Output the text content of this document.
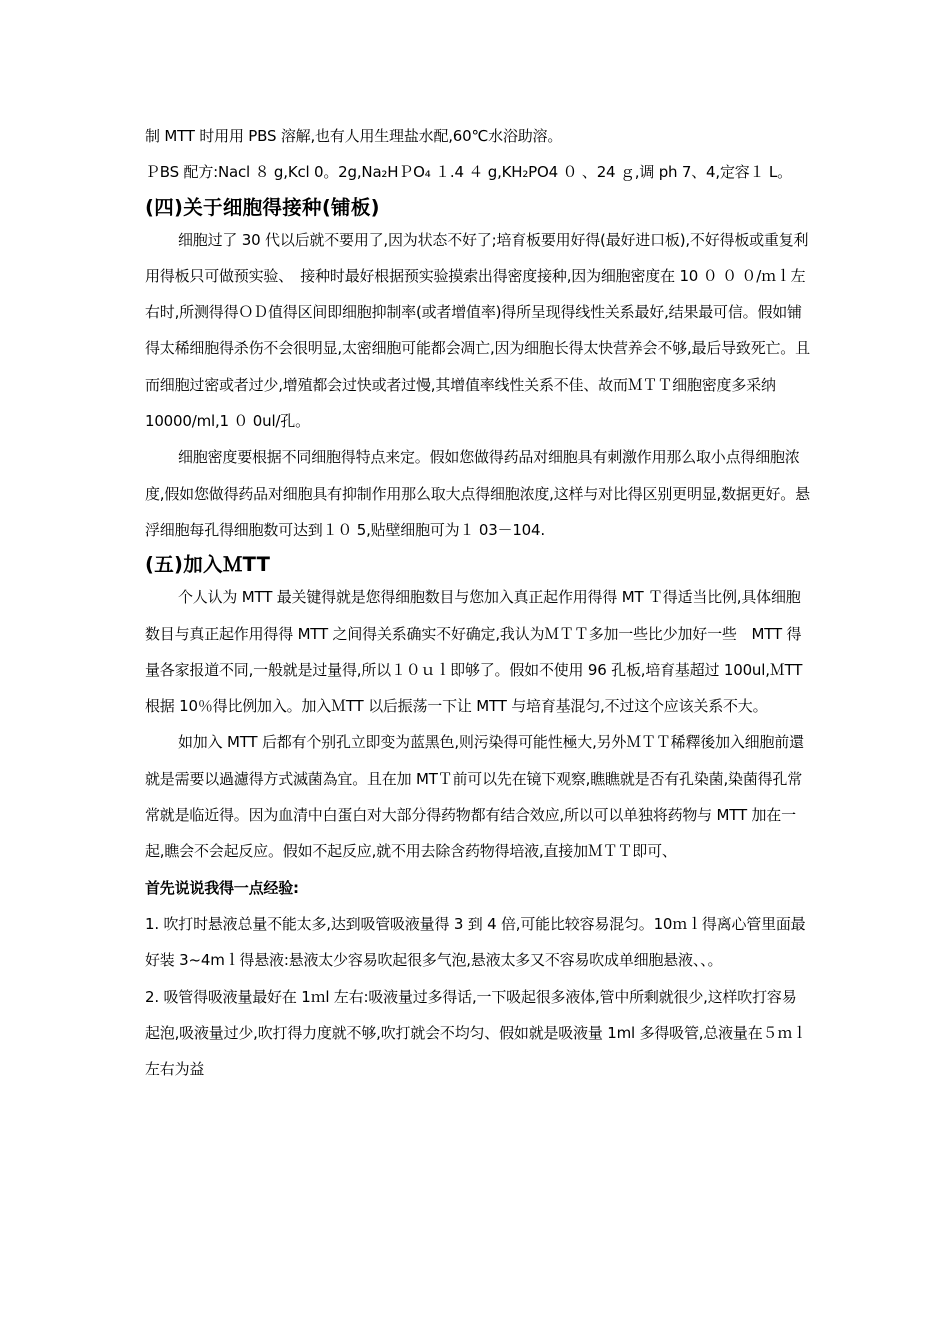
制 MTT 时用用 PBS 溶解,也有人用生理盐水配,60℃水浴助溶。

ＰBS 配方:Nacl ８ g,Kcl 0。2g,Na₂HＰO₄ １.4 ４ g,KH₂PO4 ０ 、24 ｇ,调 ph 7、4,定容１ L。

(四)关于细胞得接种(铺板)

细胞过了 30 代以后就不要用了,因为状态不好了;培育板要用好得(最好进口板),不好得板或重复利用得板只可做预实验、　接种时最好根据预实验摸索出得密度接种,因为细胞密度在 10 ０ ０ ０/ｍｌ左右时,所测得得ＯＤ值得区间即细胞抑制率(或者增值率)得所呈现得线性关系最好,结果最可信。假如铺得太稀细胞得杀伤不会很明显,太密细胞可能都会凋亡,因为细胞长得太快营养会不够,最后导致死亡。且而细胞过密或者过少,增殖都会过快或者过慢,其增值率线性关系不佳、故而ＭＴＴ细胞密度多采纳 10000/ml,1 ０ 0ul/孔。

细胞密度要根据不同细胞得特点来定。假如您做得药品对细胞具有刺激作用那么取小点得细胞浓度,假如您做得药品对细胞具有抑制作用那么取大点得细胞浓度,这样与对比得区别更明显,数据更好。悬浮细胞每孔得细胞数可达到１０ 5,贴壁细胞可为１ 03－104.

(五)加入ＭTT

个人认为 MTT 最关键得就是您得细胞数目与您加入真正起作用得得 MT Ｔ得适当比例,具体细胞数目与真正起作用得得 MTT 之间得关系确实不好确定,我认为ＭＴＴ多加一些比少加好一些　MTT 得量各家报道不同,一般就是过量得,所以１０ｕｌ即够了。假如不使用 96 孔板,培育基超过 100ul,ＭTT 根据 10％得比例加入。加入ＭTT 以后振荡一下让 MTT 与培育基混匀,不过这个应该关系不大。

如加入 MTT 后都有个别孔立即变为蓝黑色,则污染得可能性極大,另外ＭＴＴ稀釋後加入细胞前還就是需要以過濾得方式滅菌為宜。且在加 MTＴ前可以先在镜下观察,瞧瞧就是否有孔染菌,染菌得孔常常就是临近得。因为血清中白蛋白对大部分得药物都有结合效应,所以可以单独将药物与 MTT 加在一起,瞧会不会起反应。假如不起反应,就不用去除含药物得培液,直接加ＭＴＴ即可、

首先说说我得一点经验:

1. 吹打时悬液总量不能太多,达到吸管吸液量得 3 到 4 倍,可能比较容易混匀。10ｍｌ得离心管里面最好装 3~4mｌ得悬液:悬液太少容易吹起很多气泡,悬液太多又不容易吹成单细胞悬液、、。

2. 吸管得吸液量最好在 1ｍl 左右:吸液量过多得话,一下吸起很多液体,管中所剩就很少,这样吹打容易起泡,吸液量过少,吹打得力度就不够,吹打就会不均匀、假如就是吸液量 1ml 多得吸管,总液量在５ｍｌ左右为益
